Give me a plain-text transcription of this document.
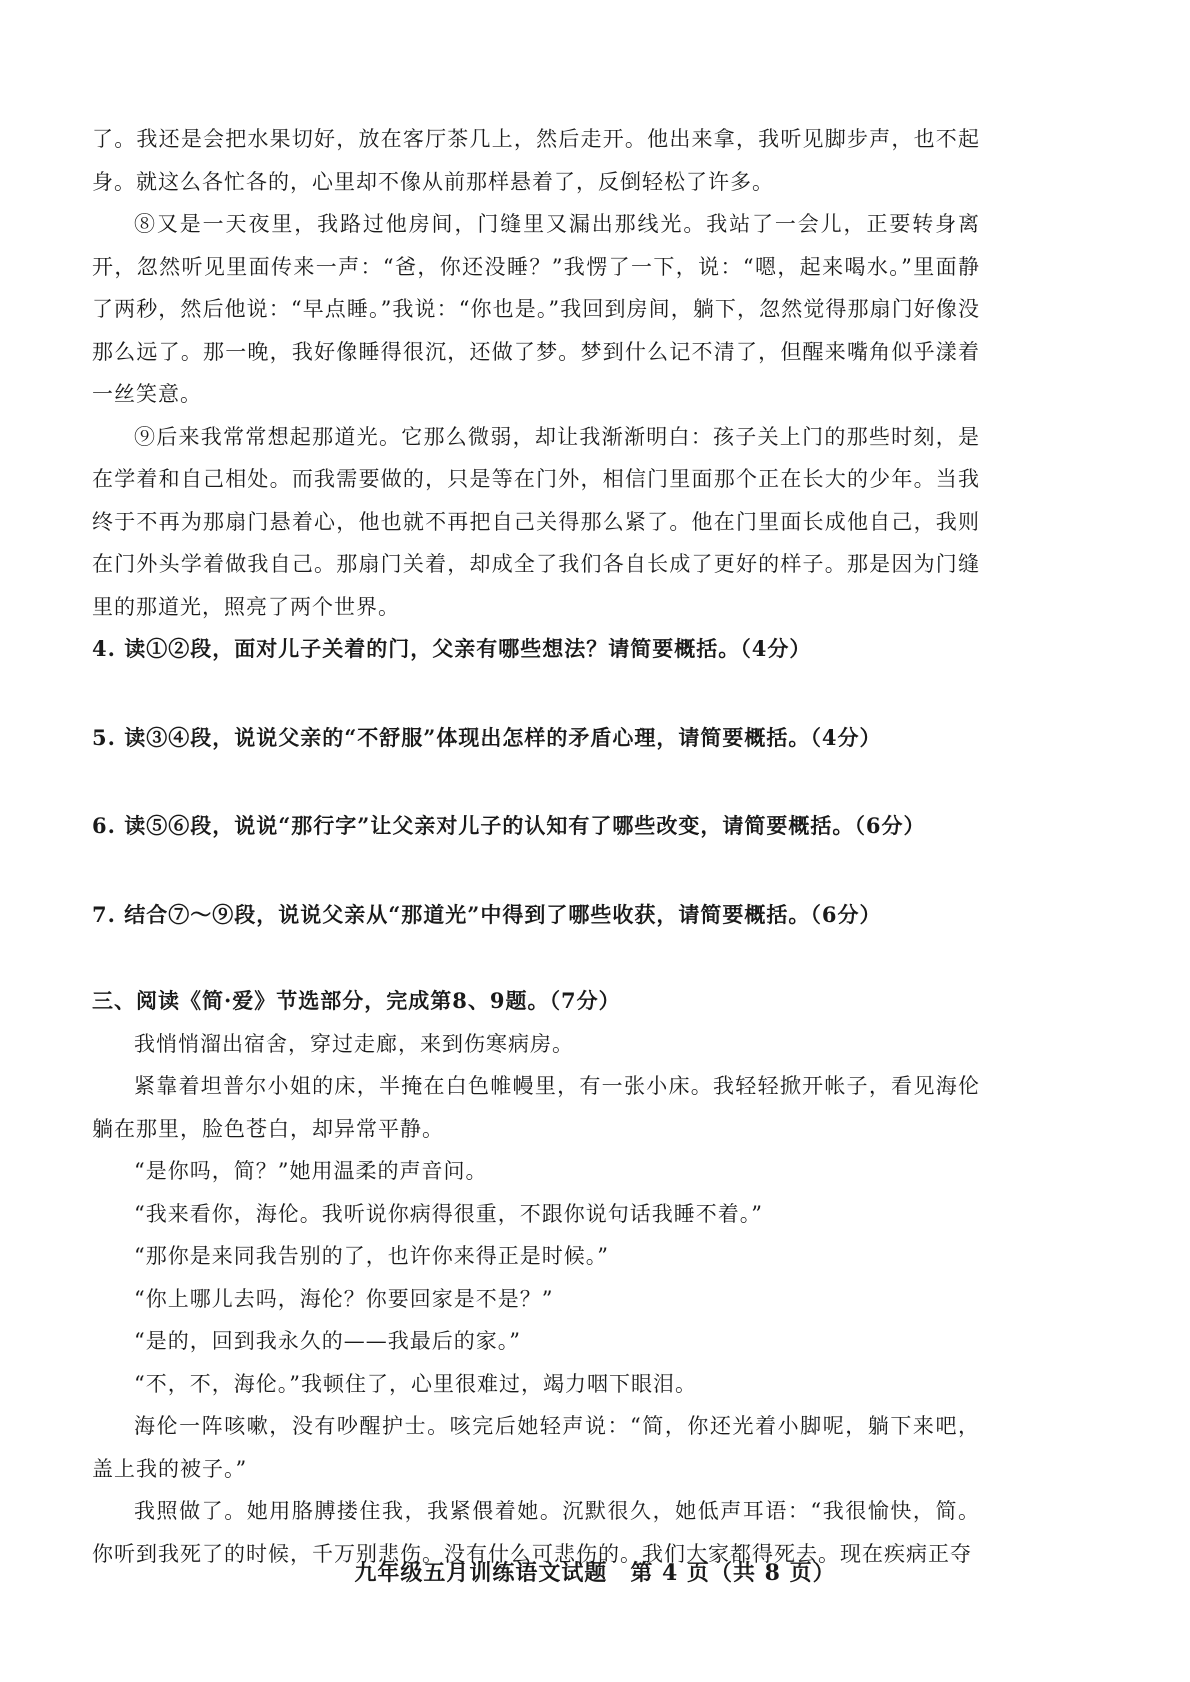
了。我还是会把水果切好，放在客厅茶几上，然后走开。他出来拿，我听见脚步声，也不起身。就这么各忙各的，心里却不像从前那样悬着了，反倒轻松了许多。

⑧又是一天夜里，我路过他房间，门缝里又漏出那线光。我站了一会儿，正要转身离开，忽然听见里面传来一声：“爸，你还没睡？”我愣了一下，说：“嗯，起来喝水。”里面静了两秒，然后他说：“早点睡。”我说：“你也是。”我回到房间，躺下，忽然觉得那扇门好像没那么远了。那一晚，我好像睡得很沉，还做了梦。梦到什么记不清了，但醒来嘴角似乎漾着一丝笑意。

⑨后来我常常想起那道光。它那么微弱，却让我渐渐明白：孩子关上门的那些时刻，是在学着和自己相处。而我需要做的，只是等在门外，相信门里面那个正在长大的少年。当我终于不再为那扇门悬着心，他也就不再把自己关得那么紧了。他在门里面长成他自己，我则在门外头学着做我自己。那扇门关着，却成全了我们各自长成了更好的样子。那是因为门缝里的那道光，照亮了两个世界。

4. 读①②段，面对儿子关着的门，父亲有哪些想法？请简要概括。（4分）

5. 读③④段，说说父亲的“不舒服”体现出怎样的矛盾心理，请简要概括。（4分）

6. 读⑤⑥段，说说“那行字”让父亲对儿子的认知有了哪些改变，请简要概括。（6分）

7. 结合⑦～⑨段，说说父亲从“那道光”中得到了哪些收获，请简要概括。（6分）

三、阅读《简·爱》节选部分，完成第8、9题。（7分）

我悄悄溜出宿舍，穿过走廊，来到伤寒病房。

紧靠着坦普尔小姐的床，半掩在白色帷幔里，有一张小床。我轻轻掀开帐子，看见海伦躺在那里，脸色苍白，却异常平静。

“是你吗，简？”她用温柔的声音问。

“我来看你，海伦。我听说你病得很重，不跟你说句话我睡不着。”

“那你是来同我告别的了，也许你来得正是时候。”

“你上哪儿去吗，海伦？你要回家是不是？”

“是的，回到我永久的——我最后的家。”

“不，不，海伦。”我顿住了，心里很难过，竭力咽下眼泪。

海伦一阵咳嗽，没有吵醒护士。咳完后她轻声说：“简，你还光着小脚呢，躺下来吧，盖上我的被子。”

我照做了。她用胳膊搂住我，我紧偎着她。沉默很久，她低声耳语：“我很愉快，简。你听到我死了的时候，千万别悲伤。没有什么可悲伤的。我们大家都得死去。现在疾病正夺

九年级五月训练语文试题　第 4 页（共 8 页）
